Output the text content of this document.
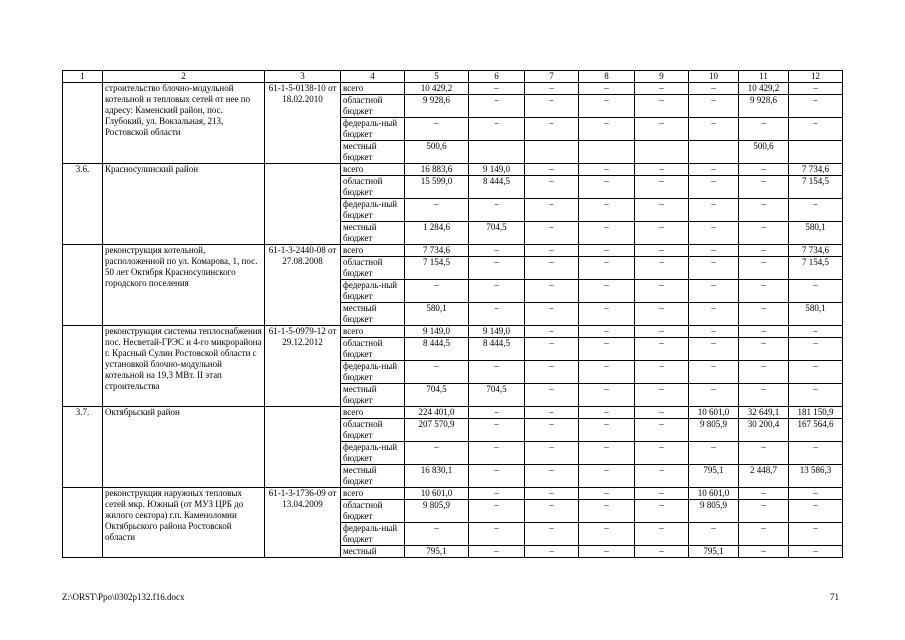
1	2	3	4	5	6	7	8	9	10	11	12
	строительство блочно-модульной котельной и тепловых сетей от нее по адресу: Каменский район, пос. Глубокий, ул. Вокзальная, 213, Ростовской области	61-1-5-0138-10 от 18.02.2010	всего	10 429,2	–	–	–	–	–	10 429,2	–
			областной бюджет	9 928,6	–	–	–	–	–	9 928,6	–
			федераль-ный бюджет	–	–	–	–	–	–	–	–
			местный бюджет	500,6						500,6	
3.6.	Красносулинский район		всего	16 883,6	9 149,0	–	–	–	–	–	7 734,6
			областной бюджет	15 599,0	8 444,5	–	–	–	–	–	7 154,5
			федераль-ный бюджет	–	–	–	–	–	–	–	–
			местный бюджет	1 284,6	704,5	–	–	–	–	–	580,1
	реконструкция котельной, расположенной по ул. Комарова, 1, пос. 50 лет Октября Красносулинского городского поселения	61-1-3-2440-08 от 27.08.2008	всего	7 734,6	–	–	–	–	–	–	7 734,6
			областной бюджет	7 154,5	–	–	–	–	–	–	7 154,5
			федераль-ный бюджет	–	–	–	–	–	–	–	–
			местный бюджет	580,1	–	–	–	–	–	–	580,1
	реконструкция системы теплоснабжения пос. Несветай-ГРЭС и 4-го микрорайона г. Красный Сулин Ростовской области с установкой блочно-модульной котельной на 19,3 МВт. II этап строительства	61-1-5-0979-12 от 29.12.2012	всего	9 149,0	9 149,0	–	–	–	–	–	–
			областной бюджет	8 444,5	8 444,5	–	–	–	–	–	–
			федераль-ный бюджет	–	–	–	–	–	–	–	–
			местный бюджет	704,5	704,5	–	–	–	–	–	–
3.7.	Октябрьский район		всего	224 401,0	–	–	–	–	10 601,0	32 649,1	181 150,9
			областной бюджет	207 570,9	–	–	–	–	9 805,9	30 200,4	167 564,6
			федераль-ный бюджет	–	–	–	–	–	–	–	–
			местный бюджет	16 830,1	–	–	–	–	795,1	2 448,7	13 586,3
	реконструкция наружных тепловых сетей мкр. Южный (от МУЗ ЦРБ до жилого сектора) г.п. Каменоломни Октябрьского района Ростовской области	61-1-3-1736-09 от 13.04.2009	всего	10 601,0	–	–	–	–	10 601,0	–	–
			областной бюджет	9 805,9	–	–	–	–	9 805,9	–	–
			федераль-ный бюджет	–	–	–	–	–	–	–	–
			местный	795,1	–	–	–	–	795,1	–	–
Z:\ORST\Ppo\0302p132.f16.docx	71
